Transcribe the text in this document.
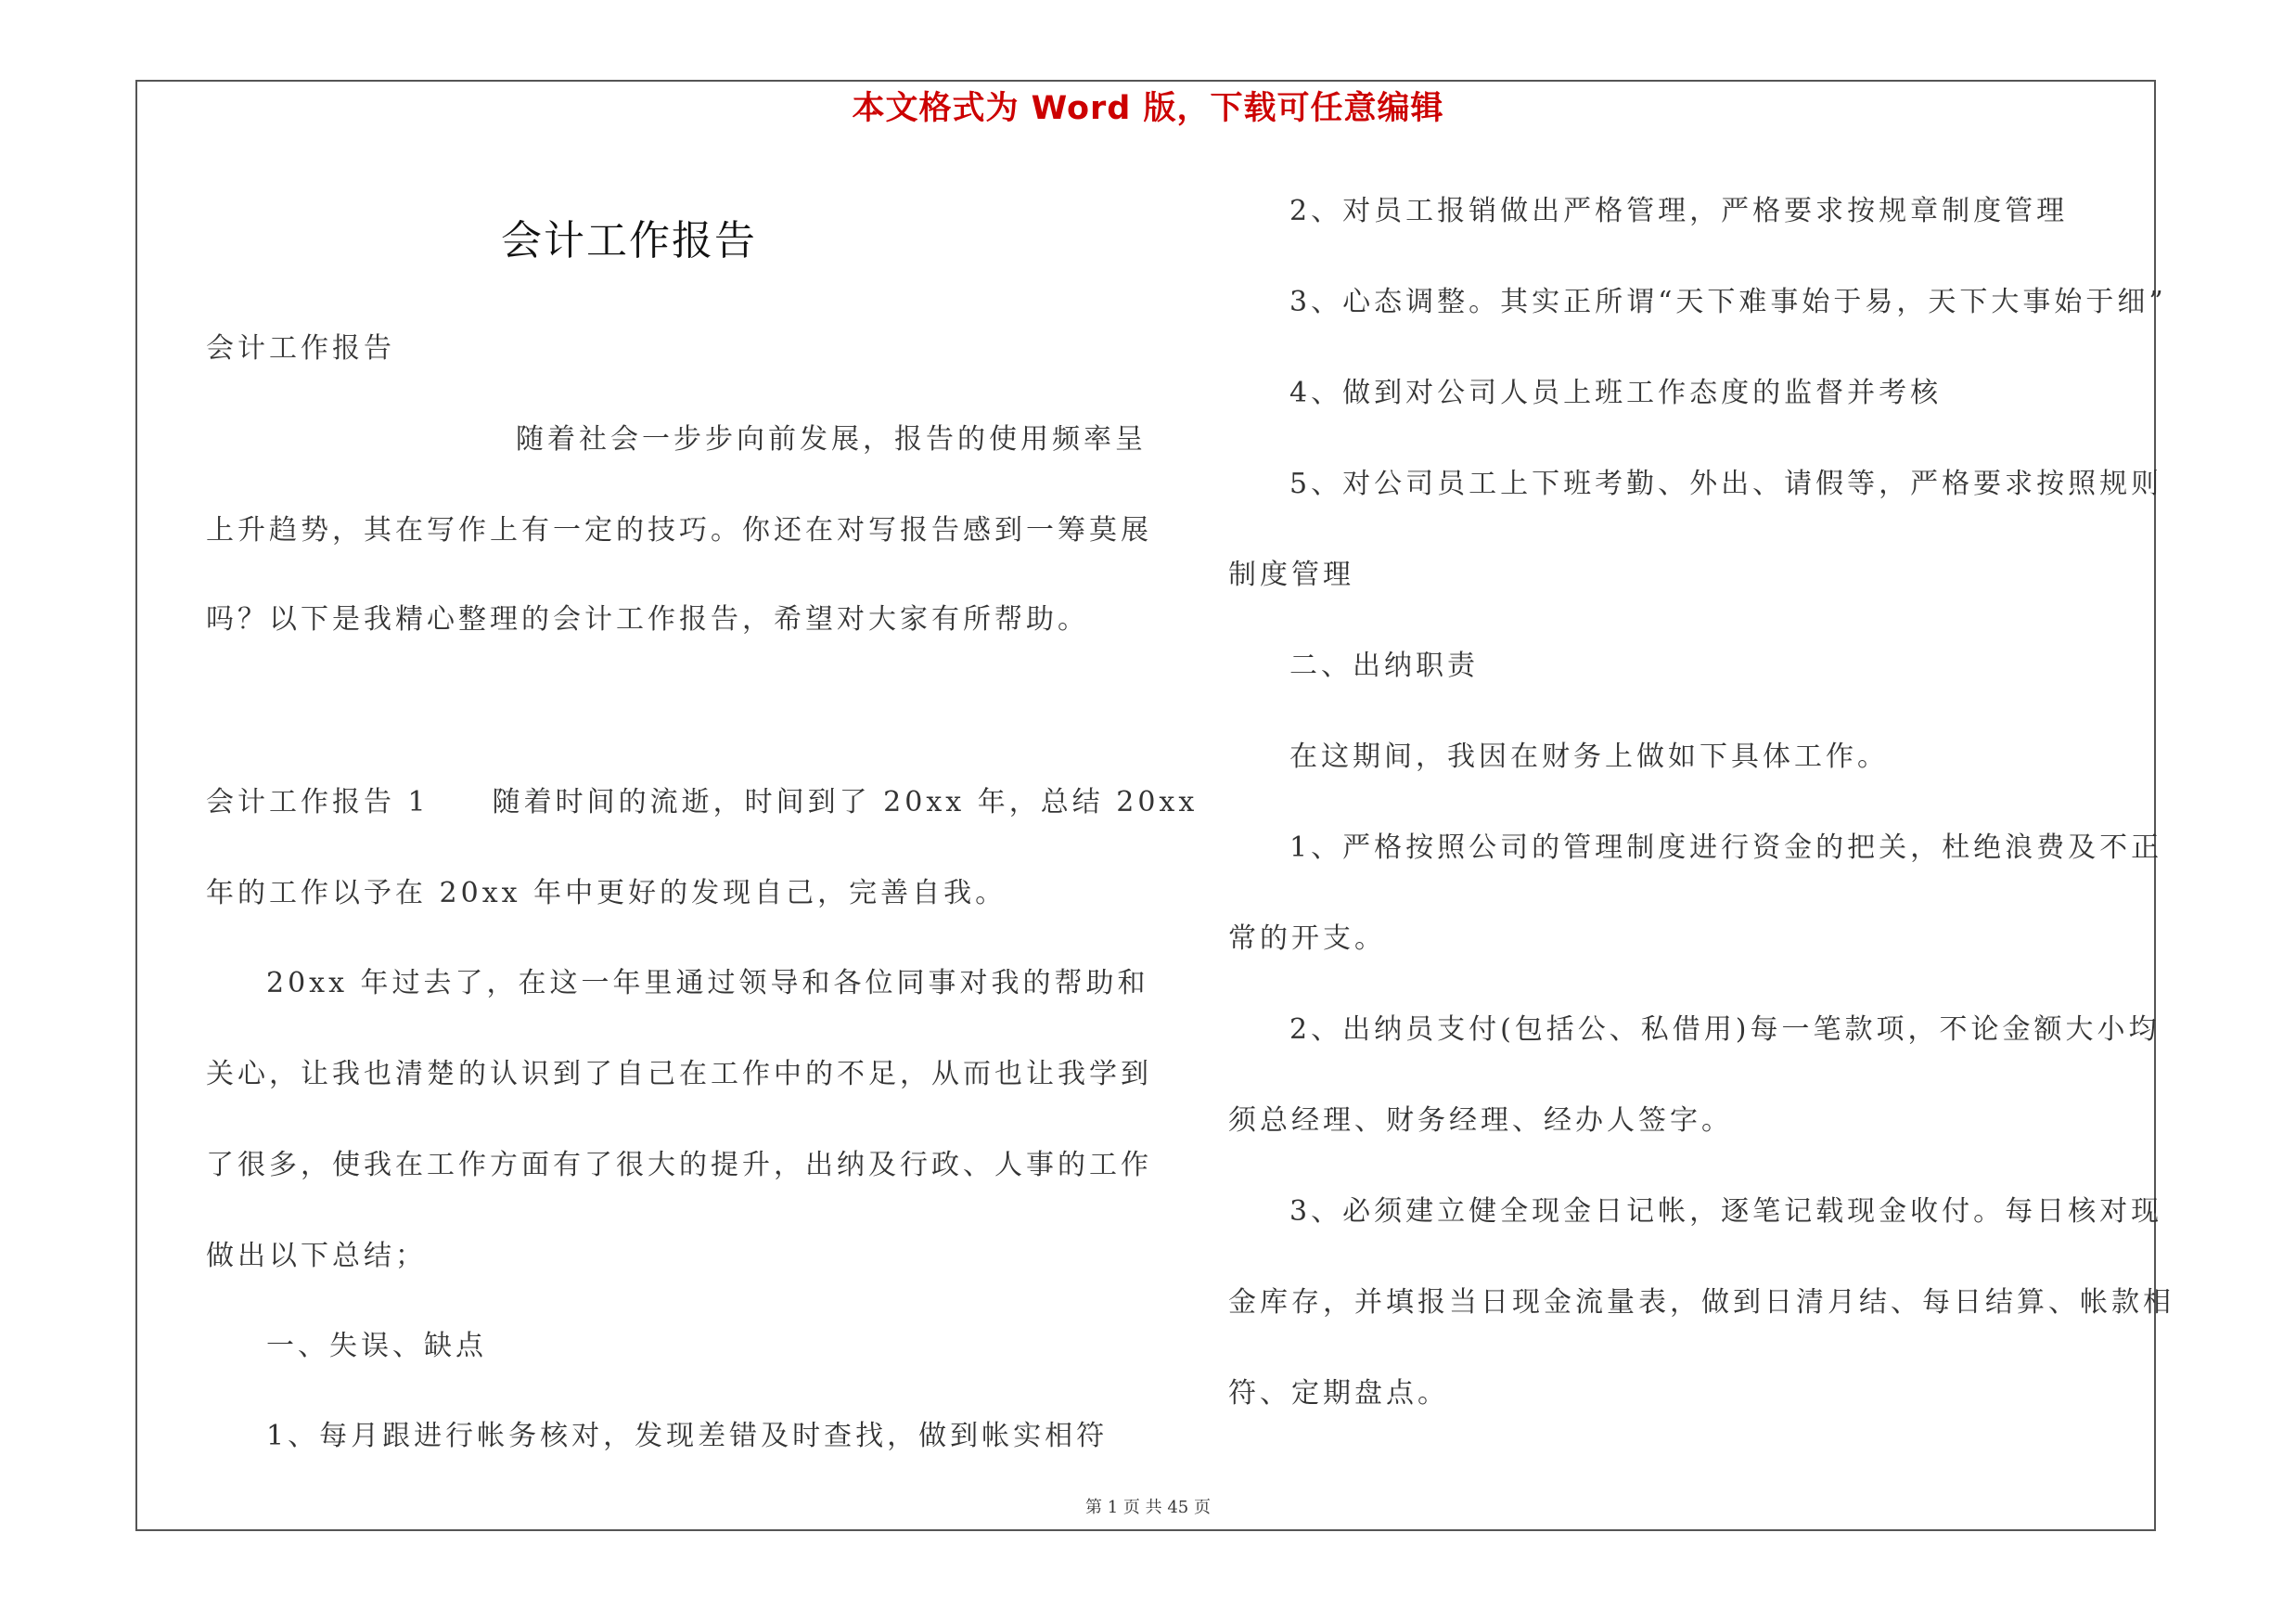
本文格式为 Word 版，下载可任意编辑
会计工作报告
会计工作报告
随着社会一步步向前发展，报告的使用频率呈
上升趋势，其在写作上有一定的技巧。你还在对写报告感到一筹莫展
吗？以下是我精心整理的会计工作报告，希望对大家有所帮助。
会计工作报告 1　　随着时间的流逝，时间到了 20xx 年，总结 20xx
年的工作以予在 20xx 年中更好的发现自己，完善自我。
20xx 年过去了，在这一年里通过领导和各位同事对我的帮助和
关心，让我也清楚的认识到了自己在工作中的不足，从而也让我学到
了很多，使我在工作方面有了很大的提升，出纳及行政、人事的工作
做出以下总结；
一、失误、缺点
1、每月跟进行帐务核对，发现差错及时查找，做到帐实相符
2、对员工报销做出严格管理，严格要求按规章制度管理
3、心态调整。其实正所谓“天下难事始于易，天下大事始于细”
4、做到对公司人员上班工作态度的监督并考核
5、对公司员工上下班考勤、外出、请假等，严格要求按照规则
制度管理
二、出纳职责
在这期间，我因在财务上做如下具体工作。
1、严格按照公司的管理制度进行资金的把关，杜绝浪费及不正
常的开支。
2、出纳员支付(包括公、私借用)每一笔款项，不论金额大小均
须总经理、财务经理、经办人签字。
3、必须建立健全现金日记帐，逐笔记载现金收付。每日核对现
金库存，并填报当日现金流量表，做到日清月结、每日结算、帐款相
符、定期盘点。
第 1 页 共 45 页
